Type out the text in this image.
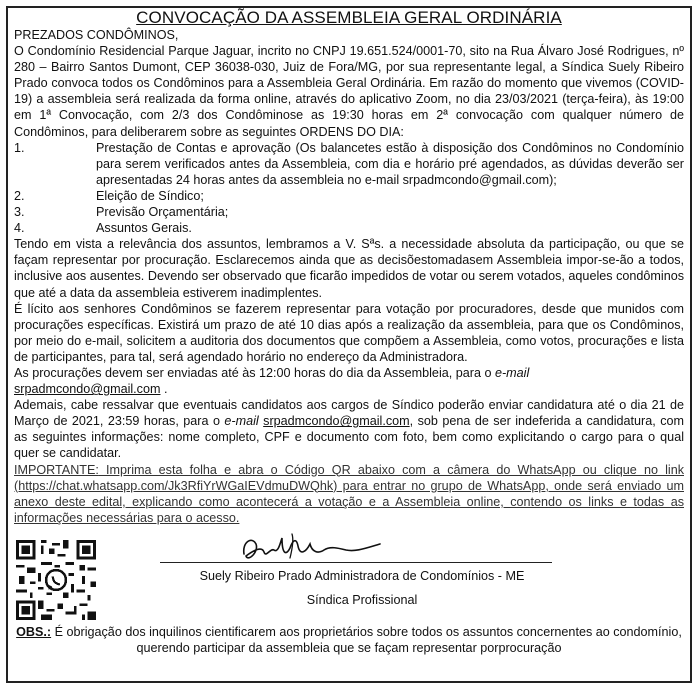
CONVOCAÇÃO DA ASSEMBLEIA GERAL ORDINÁRIA

PREZADOS CONDÔMINOS,

O Condomínio Residencial Parque Jaguar, incrito no CNPJ 19.651.524/0001-70, sito na Rua Álvaro José Rodrigues, nº 280 – Bairro Santos Dumont, CEP 36038-030, Juiz de Fora/MG, por sua representante legal, a Síndica Suely Ribeiro Prado convoca todos os Condôminos para a Assembleia Geral Ordinária. Em razão do momento que vivemos (COVID-19) a assembleia será realizada da forma online, através do aplicativo Zoom, no dia 23/03/2021 (terça-feira), às 19:00 em 1ª Convocação, com 2/3 dos Condôminose as 19:30 horas em 2ª convocação com qualquer número de Condôminos, para deliberarem sobre as seguintes ORDENS DO DIA:

1.	Prestação de Contas e aprovação (Os balancetes estão à disposição dos Condôminos no Condomínio para serem verificados antes da Assembleia, com dia e horário pré agendados, as dúvidas deverão ser apresentadas 24 horas antes da assembleia no e-mail srpadmcondo@gmail.com);
2.	Eleição de Síndico;
3.	Previsão Orçamentária;
4.	Assuntos Gerais.

Tendo em vista a relevância dos assuntos, lembramos a V. Sªs. a necessidade absoluta da participação, ou que se façam representar por procuração. Esclarecemos ainda que as decisõestomadasem Assembleia impor-se-ão a todos, inclusive aos ausentes. Devendo ser observado que ficarão impedidos de votar ou serem votados, aqueles condôminos que até a data da assembleia estiverem inadimplentes.

É lícito aos senhores Condôminos se fazerem representar para votação por procuradores, desde que munidos com procurações específicas. Existirá um prazo de até 10 dias após a realização da assembleia, para que os Condôminos, por meio do e-mail, solicitem a auditoria dos documentos que compõem a Assembleia, como votos, procurações e lista de participantes, para tal, será agendado horário no endereço da Administradora.

As procurações devem ser enviadas até às 12:00 horas do dia da Assembleia, para o e-mail
srpadmcondo@gmail.com .

Ademais, cabe ressalvar que eventuais candidatos aos cargos de Síndico poderão enviar candidatura até o dia 21 de Março de 2021, 23:59 horas, para o e-mail srpadmcondo@gmail.com, sob pena de ser indeferida a candidatura, com as seguintes informações: nome completo, CPF e documento com foto, bem como explicitando o cargo para o qual quer se candidatar.

IMPORTANTE: Imprima esta folha e abra o Código QR abaixo com a câmera do WhatsApp ou clique no link (https://chat.whatsapp.com/Jk3RfiYrWGaIEVdmuDWQhk) para entrar no grupo de WhatsApp, onde será enviado um anexo deste edital, explicando como acontecerá a votação e a Assembleia online, contendo os links e todas as informações necessárias para o acesso.

Suely Ribeiro Prado Administradora de Condomínios - ME
Síndica Profissional
OBS.: É obrigação dos inquilinos cientificarem aos proprietários sobre todos os assuntos concernentes ao condomínio, querendo participar da assembleia que se façam representar porprocuração
